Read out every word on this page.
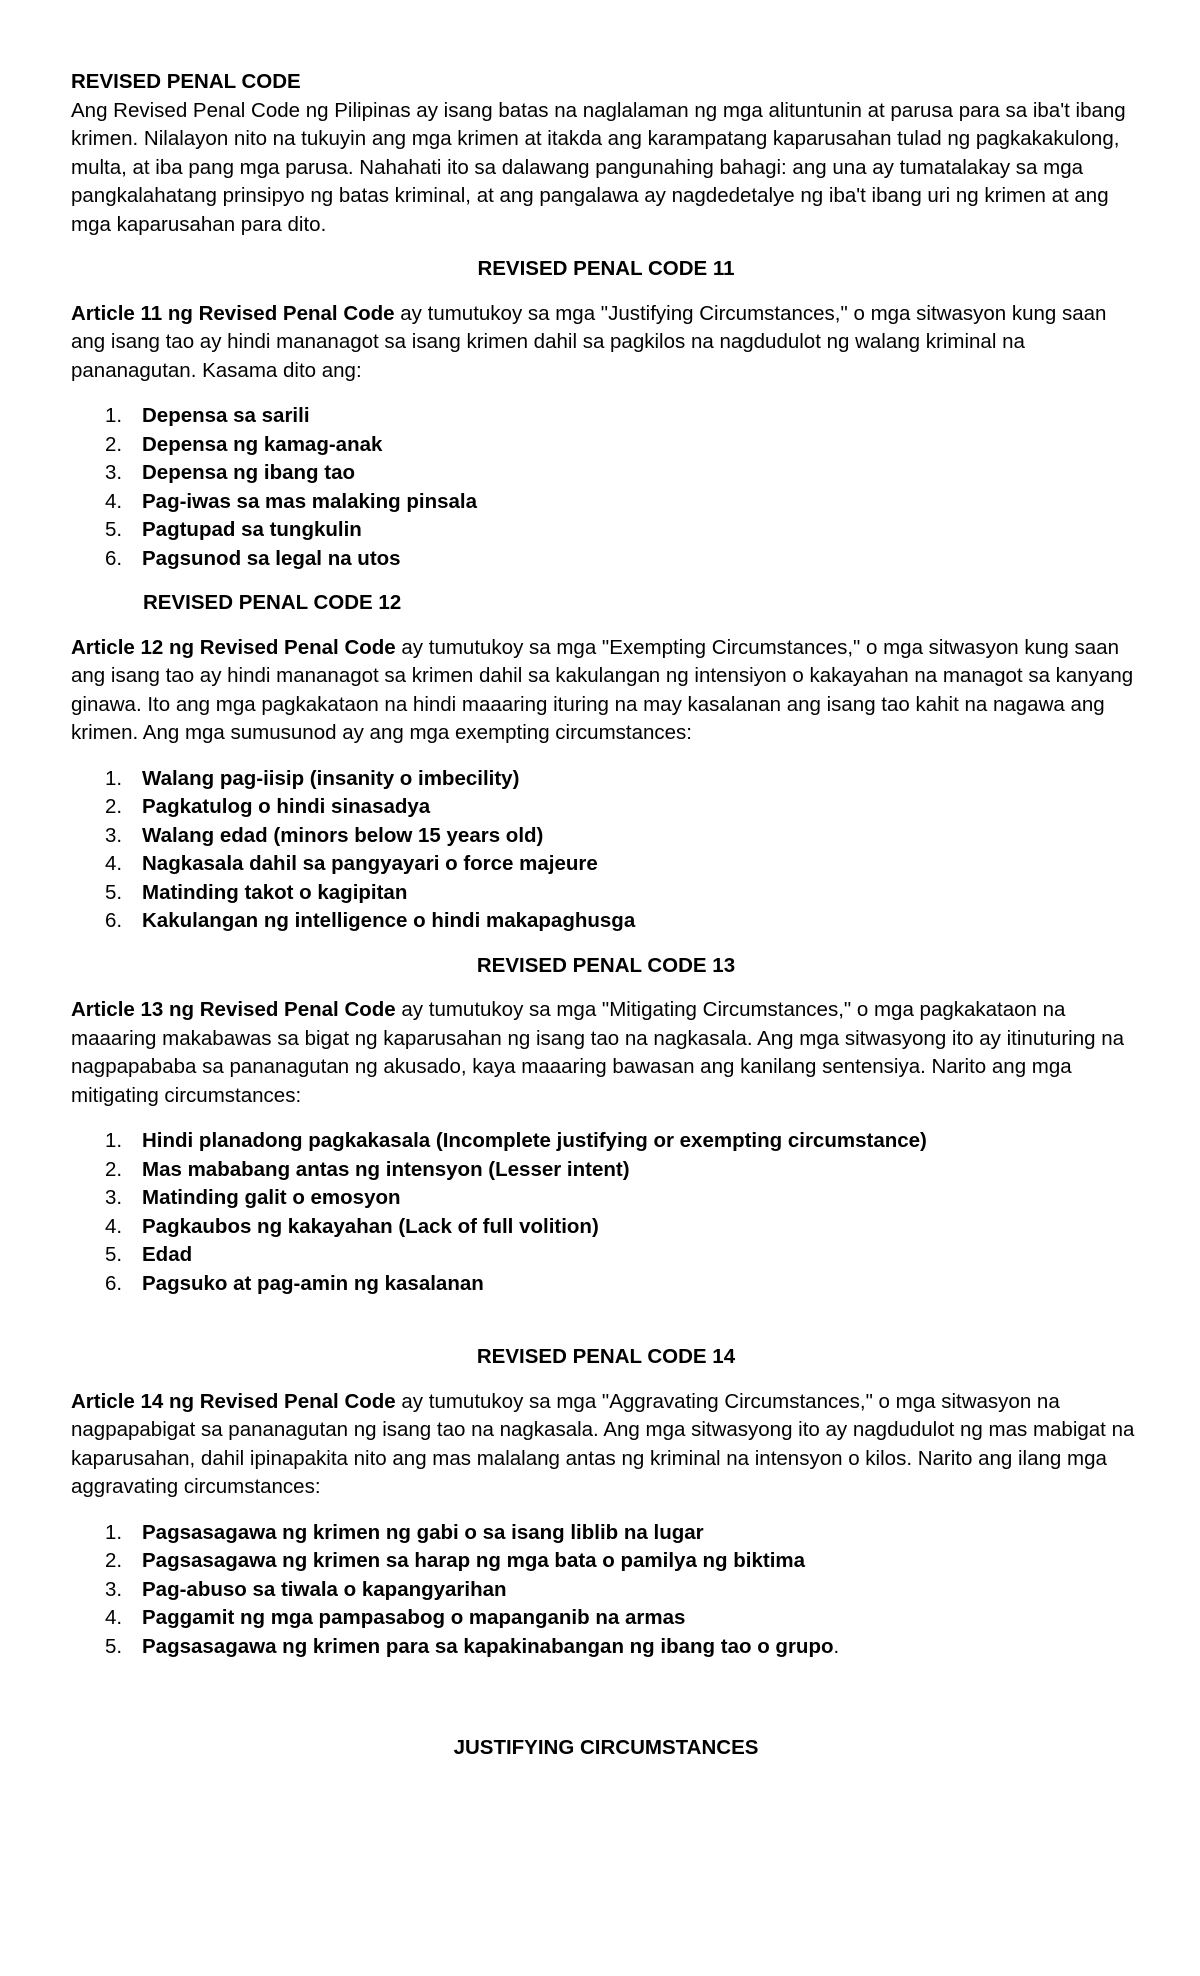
REVISED PENAL CODE

Ang Revised Penal Code ng Pilipinas ay isang batas na naglalaman ng mga alituntunin at parusa para sa iba't ibang krimen. Nilalayon nito na tukuyin ang mga krimen at itakda ang karampatang kaparusahan tulad ng pagkakakulong, multa, at iba pang mga parusa. Nahahati ito sa dalawang pangunahing bahagi: ang una ay tumatalakay sa mga pangkalahatang prinsipyo ng batas kriminal, at ang pangalawa ay nagdedetalye ng iba't ibang uri ng krimen at ang mga kaparusahan para dito.

REVISED PENAL CODE 11

Article 11 ng Revised Penal Code ay tumutukoy sa mga "Justifying Circumstances," o mga sitwasyon kung saan ang isang tao ay hindi mananagot sa isang krimen dahil sa pagkilos na nagdudulot ng walang kriminal na pananagutan. Kasama dito ang:

1. Depensa sa sarili
2. Depensa ng kamag-anak
3. Depensa ng ibang tao
4. Pag-iwas sa mas malaking pinsala
5. Pagtupad sa tungkulin
6. Pagsunod sa legal na utos

REVISED PENAL CODE 12

Article 12 ng Revised Penal Code ay tumutukoy sa mga "Exempting Circumstances," o mga sitwasyon kung saan ang isang tao ay hindi mananagot sa krimen dahil sa kakulangan ng intensiyon o kakayahan na managot sa kanyang ginawa. Ito ang mga pagkakataon na hindi maaaring ituring na may kasalanan ang isang tao kahit na nagawa ang krimen. Ang mga sumusunod ay ang mga exempting circumstances:

1. Walang pag-iisip (insanity o imbecility)
2. Pagkatulog o hindi sinasadya
3. Walang edad (minors below 15 years old)
4. Nagkasala dahil sa pangyayari o force majeure
5. Matinding takot o kagipitan
6. Kakulangan ng intelligence o hindi makapaghusga

REVISED PENAL CODE 13

Article 13 ng Revised Penal Code ay tumutukoy sa mga "Mitigating Circumstances," o mga pagkakataon na maaaring makabawas sa bigat ng kaparusahan ng isang tao na nagkasala. Ang mga sitwasyong ito ay itinuturing na nagpapababa sa pananagutan ng akusado, kaya maaaring bawasan ang kanilang sentensiya. Narito ang mga mitigating circumstances:

1. Hindi planadong pagkakasala (Incomplete justifying or exempting circumstance)
2. Mas mababang antas ng intensyon (Lesser intent)
3. Matinding galit o emosyon
4. Pagkaubos ng kakayahan (Lack of full volition)
5. Edad
6. Pagsuko at pag-amin ng kasalanan

REVISED PENAL CODE 14

Article 14 ng Revised Penal Code ay tumutukoy sa mga "Aggravating Circumstances," o mga sitwasyon na nagpapabigat sa pananagutan ng isang tao na nagkasala. Ang mga sitwasyong ito ay nagdudulot ng mas mabigat na kaparusahan, dahil ipinapakita nito ang mas malalang antas ng kriminal na intensyon o kilos. Narito ang ilang mga aggravating circumstances:

1. Pagsasagawa ng krimen ng gabi o sa isang liblib na lugar
2. Pagsasagawa ng krimen sa harap ng mga bata o pamilya ng biktima
3. Pag-abuso sa tiwala o kapangyarihan
4. Paggamit ng mga pampasabog o mapanganib na armas
5. Pagsasagawa ng krimen para sa kapakinabangan ng ibang tao o grupo.

JUSTIFYING CIRCUMSTANCES
